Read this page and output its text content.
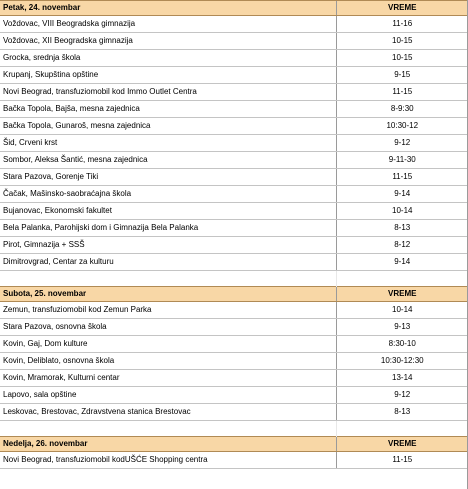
Petak, 24. novembar	VREME
Voždovac, VIII Beogradska gimnazija	11-16
Voždovac, XII Beogradska gimnazija	10-15
Grocka, srednja škola	10-15
Krupanj, Skupština opštine	9-15
Novi Beograd, transfuziomobil kod Immo Outlet Centra	11-15
Bačka Topola, Bajša, mesna zajednica	8-9:30
Bačka Topola, Gunaroš, mesna zajednica	10:30-12
Šid, Crveni krst	9-12
Sombor, Aleksa Šantić, mesna zajednica	9-11-30
Stara Pazova, Gorenje Tiki	11-15
Čačak, Mašinsko-saobraćajna škola	9-14
Bujanovac, Ekonomski fakultet	10-14
Bela Palanka, Parohijski dom i Gimnazija Bela Palanka	8-13
Pirot, Gimnazija + SSŠ	8-12
Dimitrovgrad, Centar za kulturu	9-14

Subota, 25. novembar	VREME
Zemun, transfuziomobil kod Zemun Parka	10-14
Stara Pazova, osnovna škola	9-13
Kovin, Gaj, Dom kulture	8:30-10
Kovin, Deliblato, osnovna škola	10:30-12:30
Kovin, Mramorak, Kulturni centar	13-14
Lapovo, sala opštine	9-12
Leskovac, Brestovac, Zdravstvena stanica Brestovac	8-13

Nedelja, 26. novembar	VREME
Novi Beograd, transfuziomobil kodUŠĆE Shopping centra	11-15
